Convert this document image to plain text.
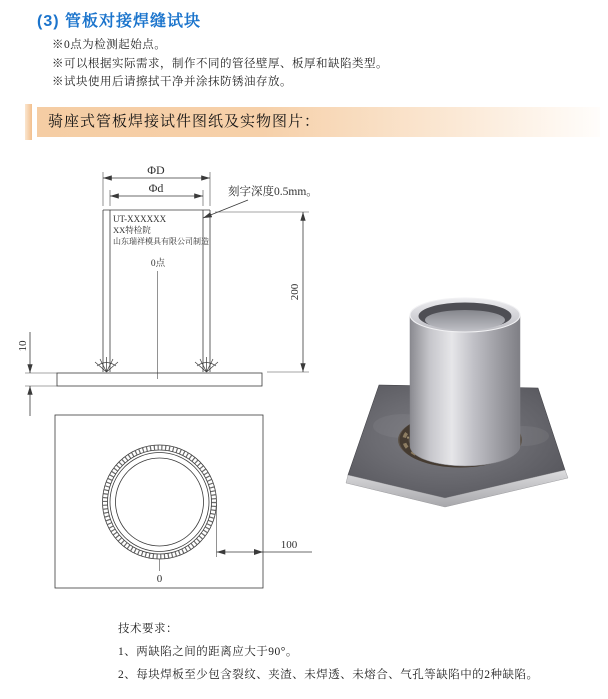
(3) 管板对接焊缝试块
※0点为检测起始点。
※可以根据实际需求，制作不同的管径壁厚、板厚和缺陷类型。
※试块使用后请擦拭干净并涂抹防锈油存放。
骑座式管板焊接试件图纸及实物图片：
ΦD
Φd	刻字深度0.5mm。
UT-XXXXXX
XX特检院
山东瑞祥模具有限公司制造
0点
10
200
0
100
技术要求：
1、两缺陷之间的距离应大于90°。
2、每块焊板至少包含裂纹、夹渣、未焊透、未熔合、气孔等缺陷中的2种缺陷。
